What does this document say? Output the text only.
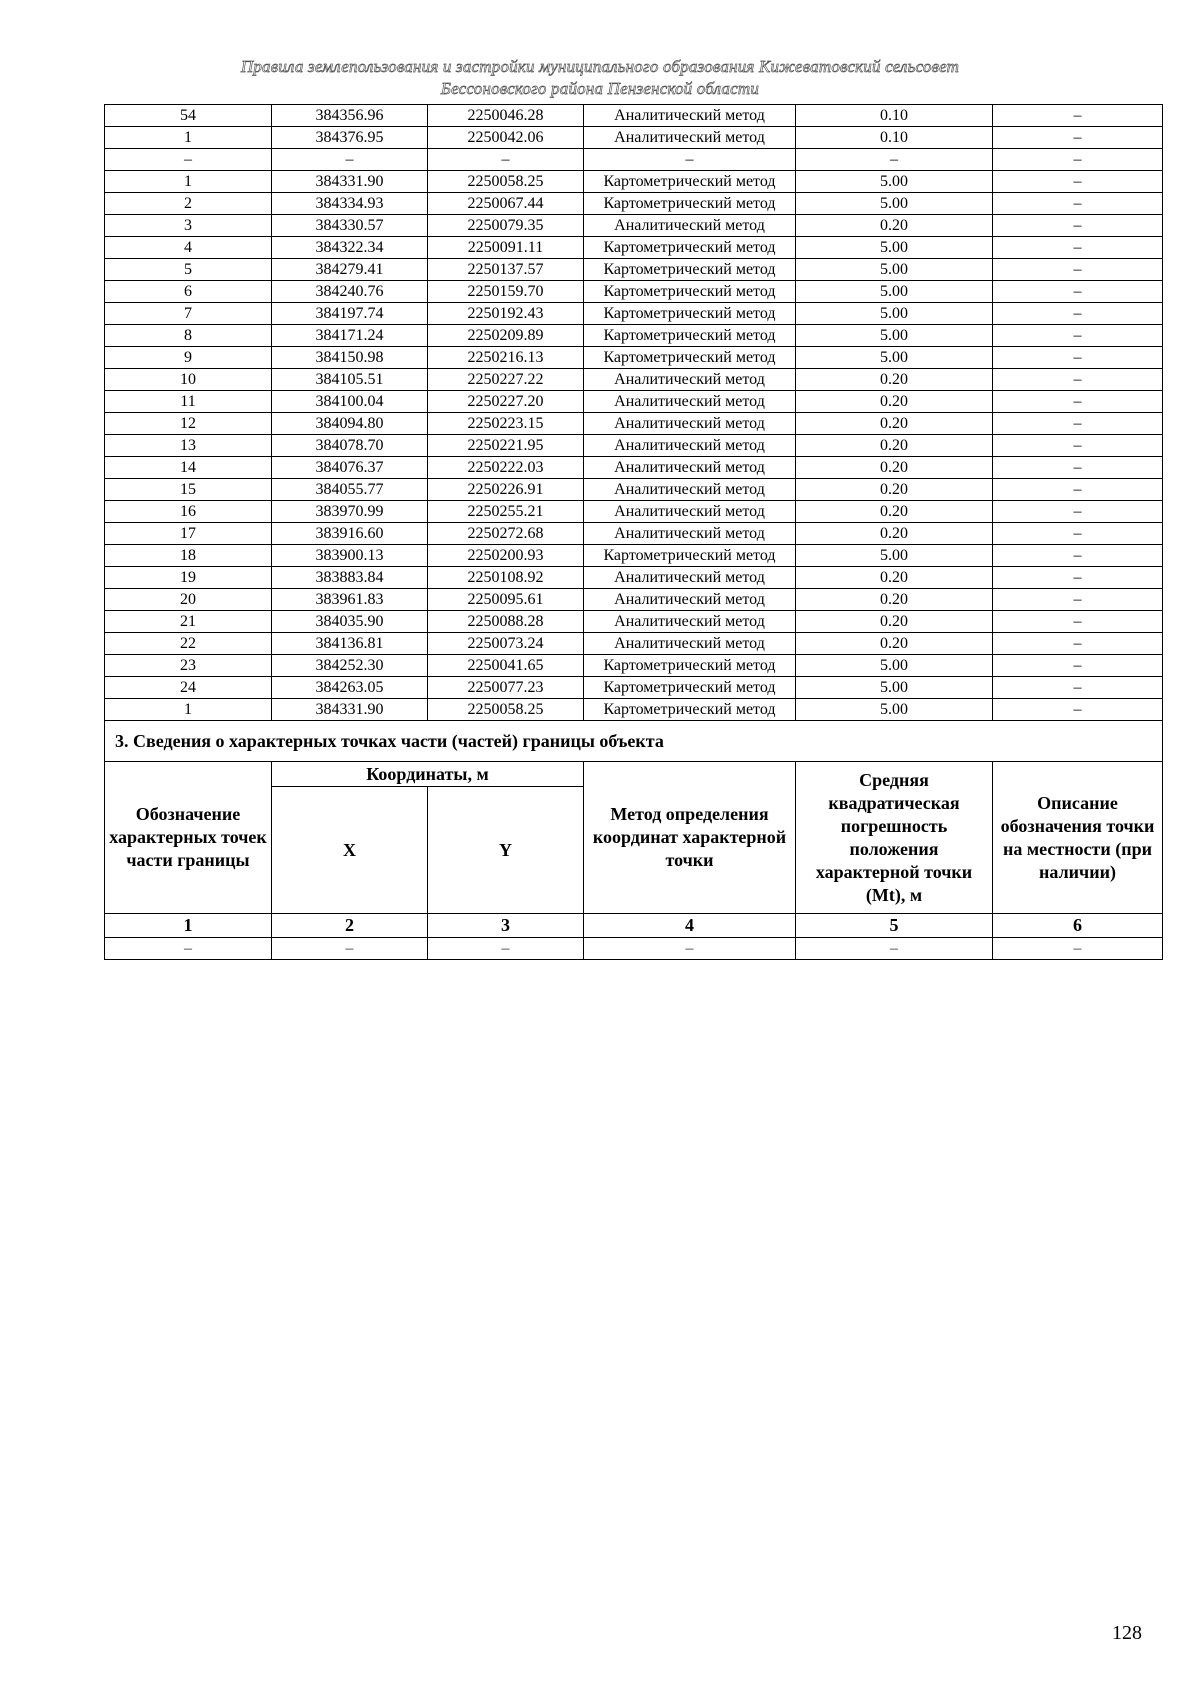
Правила землепользования и застройки муниципального образования Кижеватовский сельсовет
Бессоновского района Пензенской области
54	384356.96	2250046.28	Аналитический метод	0.10	–
1	384376.95	2250042.06	Аналитический метод	0.10	–
–	–	–	–	–	–
1	384331.90	2250058.25	Картометрический метод	5.00	–
2	384334.93	2250067.44	Картометрический метод	5.00	–
3	384330.57	2250079.35	Аналитический метод	0.20	–
4	384322.34	2250091.11	Картометрический метод	5.00	–
5	384279.41	2250137.57	Картометрический метод	5.00	–
6	384240.76	2250159.70	Картометрический метод	5.00	–
7	384197.74	2250192.43	Картометрический метод	5.00	–
8	384171.24	2250209.89	Картометрический метод	5.00	–
9	384150.98	2250216.13	Картометрический метод	5.00	–
10	384105.51	2250227.22	Аналитический метод	0.20	–
11	384100.04	2250227.20	Аналитический метод	0.20	–
12	384094.80	2250223.15	Аналитический метод	0.20	–
13	384078.70	2250221.95	Аналитический метод	0.20	–
14	384076.37	2250222.03	Аналитический метод	0.20	–
15	384055.77	2250226.91	Аналитический метод	0.20	–
16	383970.99	2250255.21	Аналитический метод	0.20	–
17	383916.60	2250272.68	Аналитический метод	0.20	–
18	383900.13	2250200.93	Картометрический метод	5.00	–
19	383883.84	2250108.92	Аналитический метод	0.20	–
20	383961.83	2250095.61	Аналитический метод	0.20	–
21	384035.90	2250088.28	Аналитический метод	0.20	–
22	384136.81	2250073.24	Аналитический метод	0.20	–
23	384252.30	2250041.65	Картометрический метод	5.00	–
24	384263.05	2250077.23	Картометрический метод	5.00	–
1	384331.90	2250058.25	Картометрический метод	5.00	–
3. Сведения о характерных точках части (частей) границы объекта					
Обозначение характерных точек части границы	Координаты, м		Метод определения координат характерной точки	Средняя квадратическая погрешность положения характерной точки (Mt), м	Описание обозначения точки на местности (при наличии)
	X	Y			
1	2	3	4	5	6
–	–	–	–	–	–
128
